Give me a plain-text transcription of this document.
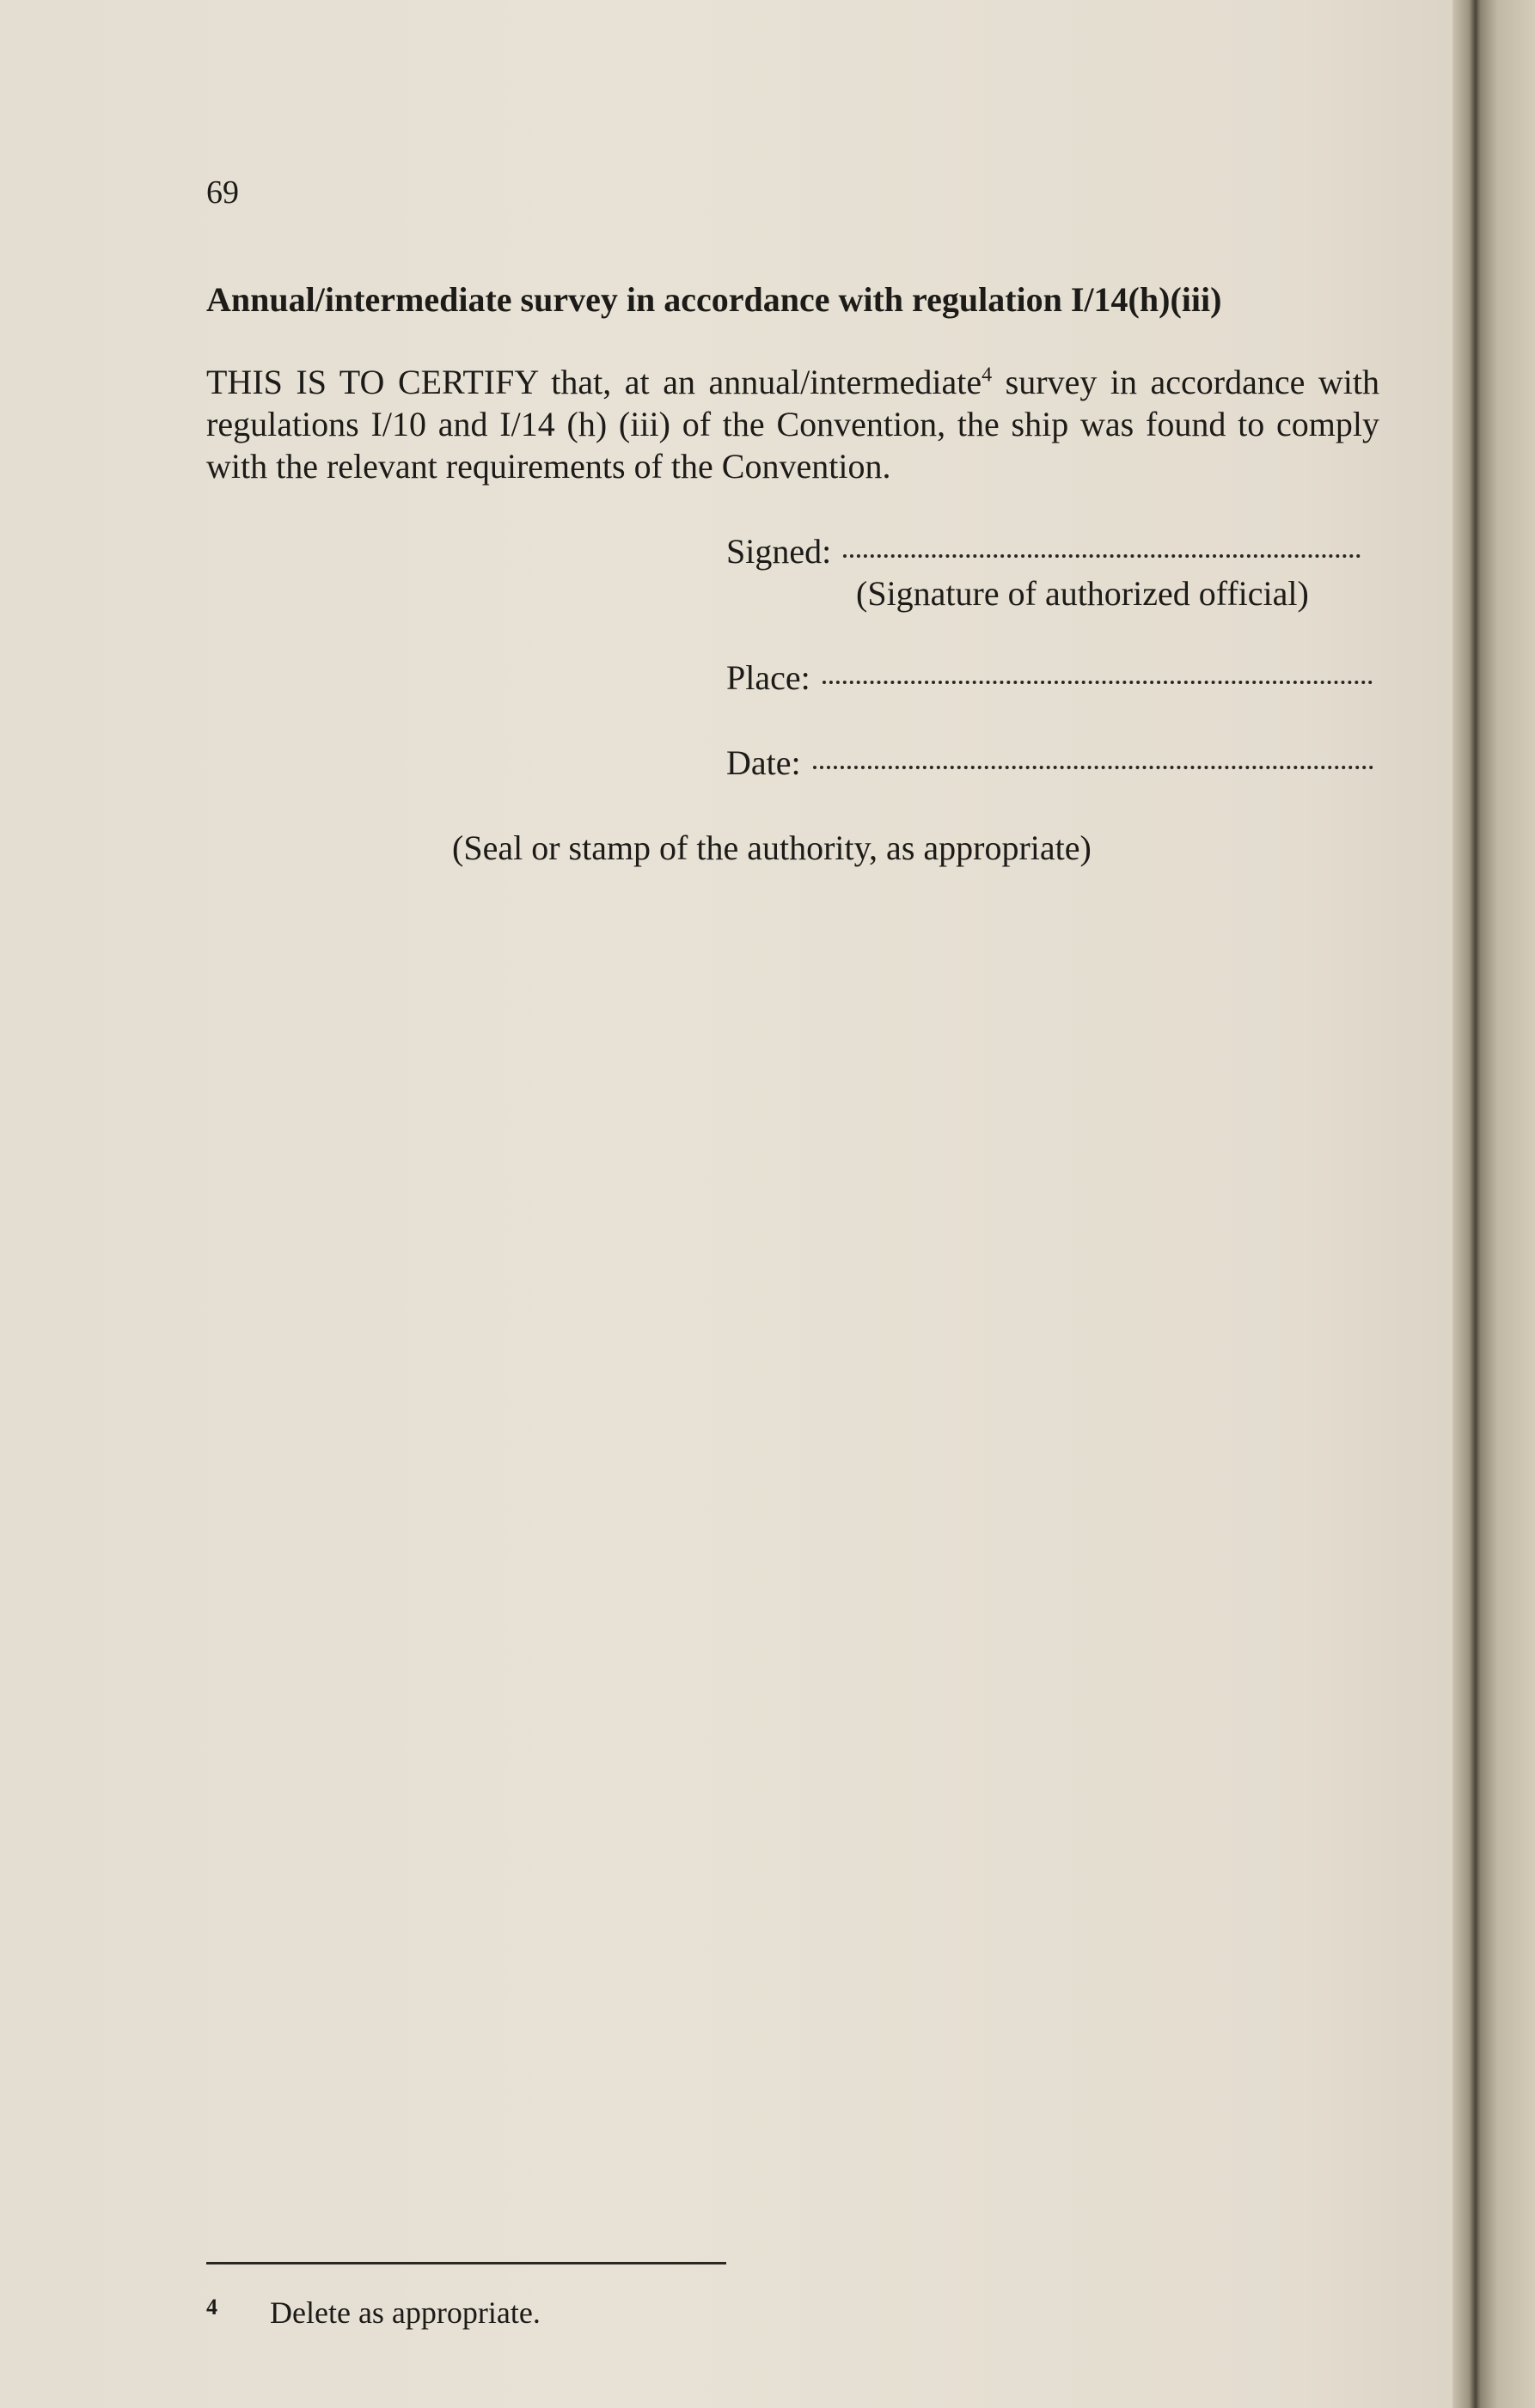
69
Annual/intermediate survey in accordance with regulation I/14(h)(iii)
THIS IS TO CERTIFY that, at an annual/intermediate$^4$ survey in accordance with regulations I/10 and I/14 (h) (iii) of the Convention, the ship was found to comply with the relevant requirements of the Convention.
Signed:
(Signature of authorized official)
Place:
Date:
(Seal or stamp of the authority, as appropriate)
4 Delete as appropriate.
